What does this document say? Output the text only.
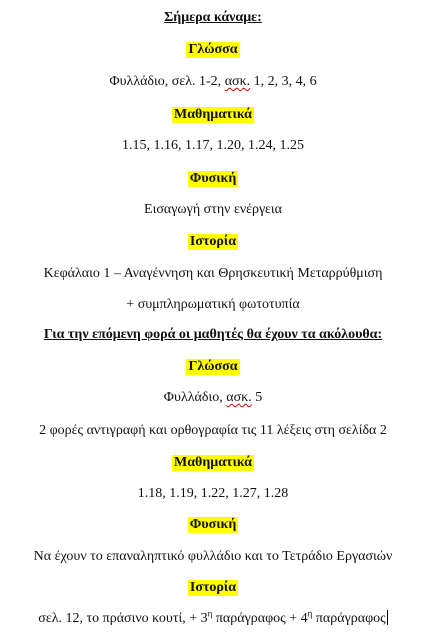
Σήμερα κάναμε:
Γλώσσα
Φυλλάδιο, σελ. 1-2, ασκ. 1, 2, 3, 4, 6
Μαθηματικά
1.15, 1.16, 1.17, 1.20, 1.24, 1.25
Φυσική
Εισαγωγή στην ενέργεια
Ιστορία
Κεφάλαιο 1 – Αναγέννηση και Θρησκευτική Μεταρρύθμιση
+ συμπληρωματική φωτοτυπία
Για την επόμενη φορά οι μαθητές θα έχουν τα ακόλουθα:
Γλώσσα
Φυλλάδιο, ασκ. 5
2 φορές αντιγραφή και ορθογραφία τις 11 λέξεις στη σελίδα 2
Μαθηματικά
1.18, 1.19, 1.22, 1.27, 1.28
Φυσική
Να έχουν το επαναληπτικό φυλλάδιο και το Τετράδιο Εργασιών
Ιστορία
σελ. 12, το πράσινο κουτί, + $3^\eta$ $\pi\alpha\rho ά\gamma\rho\alpha\varphi o\varsigma + 4^\eta$ παράγραφος
